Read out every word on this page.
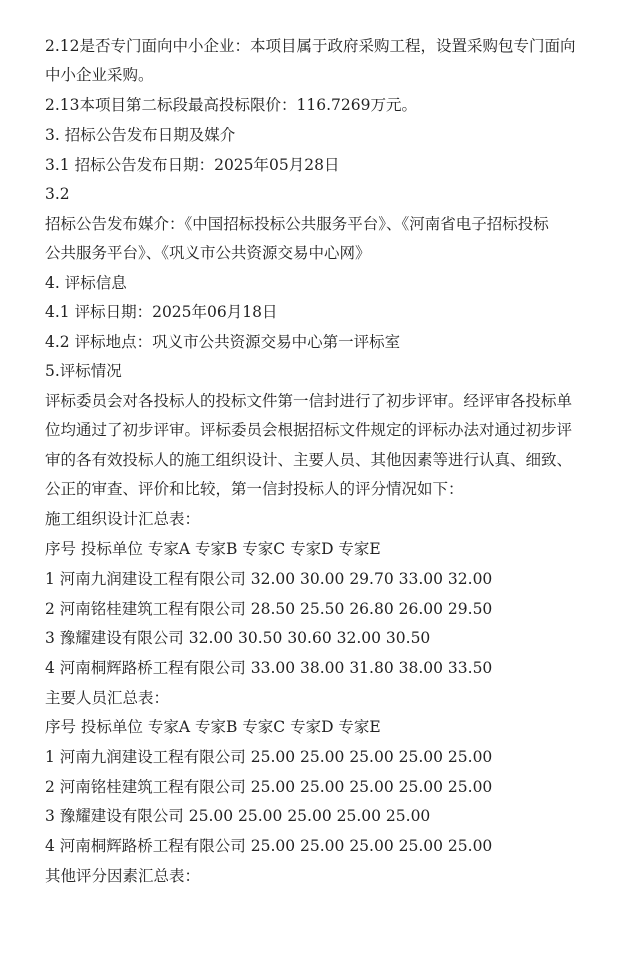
2.12是否专门面向中小企业：本项目属于政府采购工程，设置采购包专门面向
中小企业采购。
2.13本项目第二标段最高投标限价：116.7269万元。
3. 招标公告发布日期及媒介
3.1 招标公告发布日期：2025年05月28日
3.2
招标公告发布媒介：《中国招标投标公共服务平台》、《河南省电子招标投标
公共服务平台》、《巩义市公共资源交易中心网》
4. 评标信息
4.1 评标日期：2025年06月18日
4.2 评标地点：巩义市公共资源交易中心第一评标室
5.评标情况
评标委员会对各投标人的投标文件第一信封进行了初步评审。经评审各投标单
位均通过了初步评审。评标委员会根据招标文件规定的评标办法对通过初步评
审的各有效投标人的施工组织设计、主要人员、其他因素等进行认真、细致、
公正的审查、评价和比较，第一信封投标人的评分情况如下：
施工组织设计汇总表：
序号 投标单位 专家A 专家B 专家C 专家D 专家E
1 河南九润建设工程有限公司 32.00 30.00 29.70 33.00 32.00
2 河南铭桂建筑工程有限公司 28.50 25.50 26.80 26.00 29.50
3 豫耀建设有限公司 32.00 30.50 30.60 32.00 30.50
4 河南桐辉路桥工程有限公司 33.00 38.00 31.80 38.00 33.50
主要人员汇总表：
序号 投标单位 专家A 专家B 专家C 专家D 专家E
1 河南九润建设工程有限公司 25.00 25.00 25.00 25.00 25.00
2 河南铭桂建筑工程有限公司 25.00 25.00 25.00 25.00 25.00
3 豫耀建设有限公司 25.00 25.00 25.00 25.00 25.00
4 河南桐辉路桥工程有限公司 25.00 25.00 25.00 25.00 25.00
其他评分因素汇总表：
